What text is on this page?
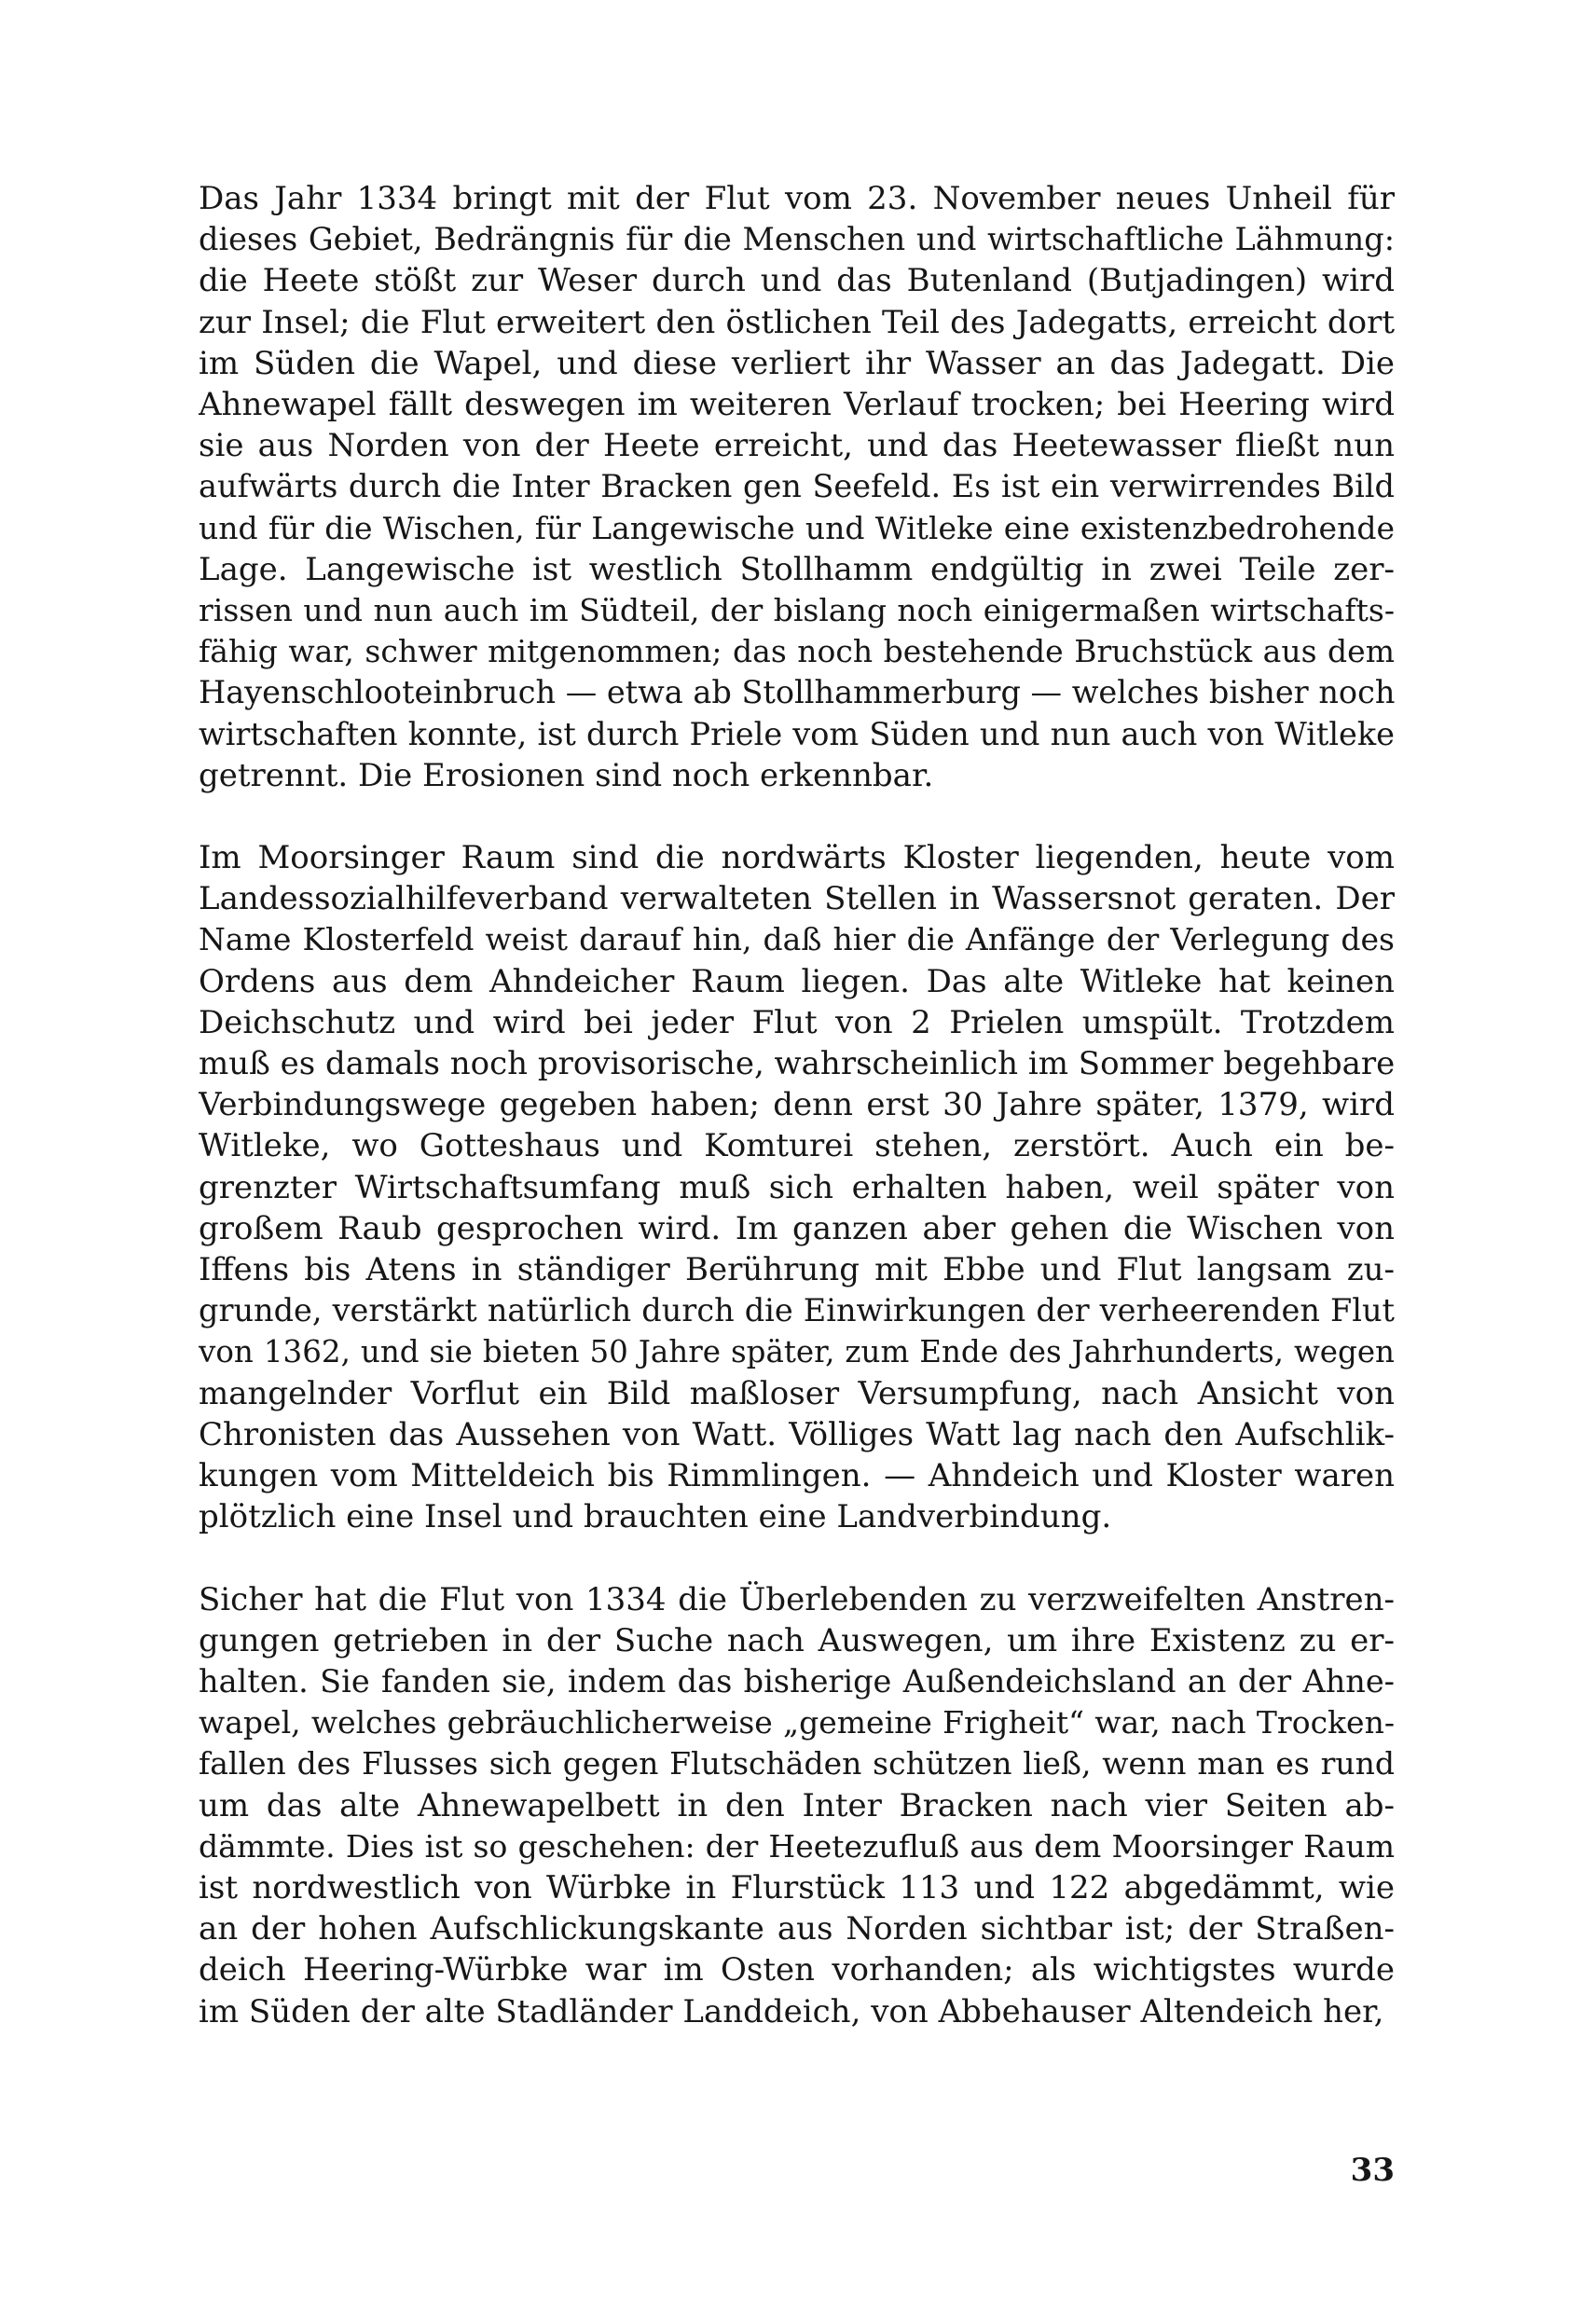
Das Jahr 1334 bringt mit der Flut vom 23. November neues Unheil für
dieses Gebiet, Bedrängnis für die Menschen und wirtschaftliche Lähmung:
die Heete stößt zur Weser durch und das Butenland (Butjadingen) wird
zur Insel; die Flut erweitert den östlichen Teil des Jadegatts, erreicht dort
im Süden die Wapel, und diese verliert ihr Wasser an das Jadegatt. Die
Ahnewapel fällt deswegen im weiteren Verlauf trocken; bei Heering wird
sie aus Norden von der Heete erreicht, und das Heetewasser fließt nun
aufwärts durch die Inter Bracken gen Seefeld. Es ist ein verwirrendes Bild
und für die Wischen, für Langewische und Witleke eine existenzbedrohende
Lage. Langewische ist westlich Stollhamm endgültig in zwei Teile zer-
rissen und nun auch im Südteil, der bislang noch einigermaßen wirtschafts-
fähig war, schwer mitgenommen; das noch bestehende Bruchstück aus dem
Hayenschlooteinbruch — etwa ab Stollhammerburg — welches bisher noch
wirtschaften konnte, ist durch Priele vom Süden und nun auch von Witleke
getrennt. Die Erosionen sind noch erkennbar.

Im Moorsinger Raum sind die nordwärts Kloster liegenden, heute vom
Landessozialhilfeverband verwalteten Stellen in Wassersnot geraten. Der
Name Klosterfeld weist darauf hin, daß hier die Anfänge der Verlegung des
Ordens aus dem Ahndeicher Raum liegen. Das alte Witleke hat keinen
Deichschutz und wird bei jeder Flut von 2 Prielen umspült. Trotzdem
muß es damals noch provisorische, wahrscheinlich im Sommer begehbare
Verbindungswege gegeben haben; denn erst 30 Jahre später, 1379, wird
Witleke, wo Gotteshaus und Komturei stehen, zerstört. Auch ein be-
grenzter Wirtschaftsumfang muß sich erhalten haben, weil später von
großem Raub gesprochen wird. Im ganzen aber gehen die Wischen von
Iffens bis Atens in ständiger Berührung mit Ebbe und Flut langsam zu-
grunde, verstärkt natürlich durch die Einwirkungen der verheerenden Flut
von 1362, und sie bieten 50 Jahre später, zum Ende des Jahrhunderts, wegen
mangelnder Vorflut ein Bild maßloser Versumpfung, nach Ansicht von
Chronisten das Aussehen von Watt. Völliges Watt lag nach den Aufschlik-
kungen vom Mitteldeich bis Rimmlingen. — Ahndeich und Kloster waren
plötzlich eine Insel und brauchten eine Landverbindung.

Sicher hat die Flut von 1334 die Überlebenden zu verzweifelten Anstren-
gungen getrieben in der Suche nach Auswegen, um ihre Existenz zu er-
halten. Sie fanden sie, indem das bisherige Außendeichsland an der Ahne-
wapel, welches gebräuchlicherweise „gemeine Frigheit“ war, nach Trocken-
fallen des Flusses sich gegen Flutschäden schützen ließ, wenn man es rund
um das alte Ahnewapelbett in den Inter Bracken nach vier Seiten ab-
dämmte. Dies ist so geschehen: der Heetezufluß aus dem Moorsinger Raum
ist nordwestlich von Würbke in Flurstück 113 und 122 abgedämmt, wie
an der hohen Aufschlickungskante aus Norden sichtbar ist; der Straßen-
deich Heering-Würbke war im Osten vorhanden; als wichtigstes wurde
im Süden der alte Stadländer Landdeich, von Abbehauser Altendeich her,

33
